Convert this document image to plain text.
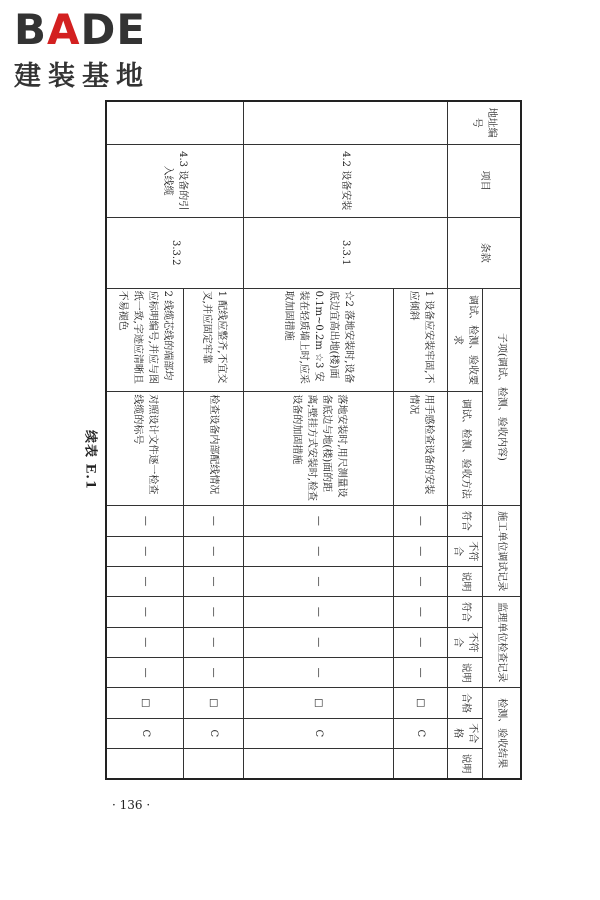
BADE
建装基地
续表 E.1
地址编号	项目	条款	子项(调试、检测、验收内容)		施工单位调试记录			监理单位检查记录			检测、验收结果		
			调试、检测、验收要求	调试、检测、验收方法	符合	不符合	说明	符合	不符合	说明	合格	不合格	说明
	4.2 设备安装	3.3.1	1 设备应安装牢固,不应倾斜	用手感检查设备的安装情况	—	—	—	—	—	—	□	C	
			☆2 落地安装时,设备底边宜高出地(楼)面0.1m~0.2m ☆3 安装在轻质墙上时,应采取加固措施	落地安装时,用尺测量设备底边与地(楼)面的距离;壁挂方式安装时,检查设备的加固措施	—	—	—	—	—	—	□	C	
	4.3 设备的引入线缆	3.3.2	1 配线应整齐,不宜交叉,并应固定牢靠	检查设备内部配线情况	—	—	—	—	—	—	□	C	
			2 线缆芯线的端部均应标明编号,并应与图纸一致,字迹应清晰且不易褪色	对照设计文件逐一检查线缆的标号	—	—	—	—	—	—	□	C	
· 136 ·
